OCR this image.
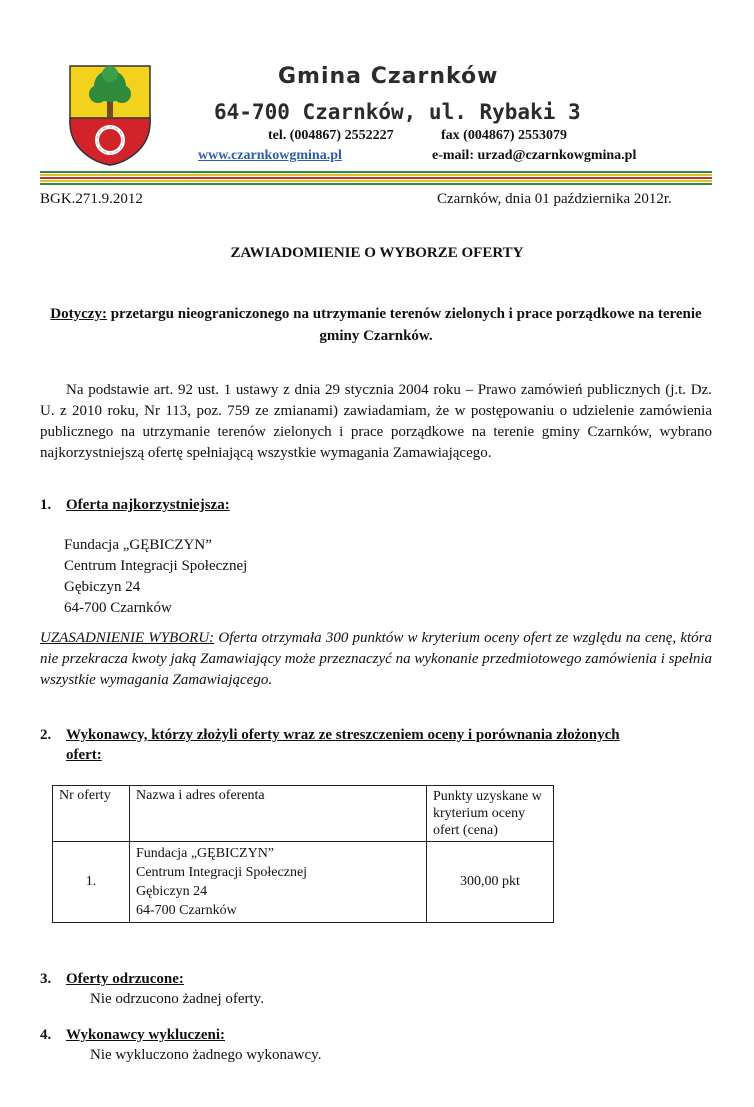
Gmina Czarnków
64-700 Czarnków, ul. Rybaki 3
tel. (004867) 2552227	fax (004867) 2553079
www.czarnkowgmina.pl	e-mail: urzad@czarnkowgmina.pl
BGK.271.9.2012	Czarnków, dnia 01 października 2012r.
ZAWIADOMIENIE O WYBORZE OFERTY
Dotyczy: przetargu nieograniczonego na utrzymanie terenów zielonych i prace porządkowe na terenie gminy Czarnków.
Na podstawie art. 92 ust. 1 ustawy z dnia 29 stycznia 2004 roku – Prawo zamówień publicznych (j.t. Dz. U. z 2010 roku, Nr 113, poz. 759 ze zmianami) zawiadamiam, że w postępowaniu o udzielenie zamówienia publicznego na utrzymanie terenów zielonych i prace porządkowe na terenie gminy Czarnków, wybrano najkorzystniejszą ofertę spełniającą wszystkie wymagania Zamawiającego.
1. Oferta najkorzystniejsza:
Fundacja „GĘBICZYN”
Centrum Integracji Społecznej
Gębiczyn 24
64-700 Czarnków
UZASADNIENIE WYBORU: Oferta otrzymała 300 punktów w kryterium oceny ofert ze względu na cenę, która nie przekracza kwoty jaką Zamawiający może przeznaczyć na wykonanie przedmiotowego zamówienia i spełnia wszystkie wymagania Zamawiającego.
2. Wykonawcy, którzy złożyli oferty wraz ze streszczeniem oceny i porównania złożonych
ofert:
Nr oferty	Nazwa i adres oferenta	Punkty uzyskane w kryterium oceny ofert (cena)
1.	Fundacja „GĘBICZYN”
Centrum Integracji Społecznej
Gębiczyn 24
64-700 Czarnków	300,00 pkt
3. Oferty odrzucone:
Nie odrzucono żadnej oferty.
4. Wykonawcy wykluczeni:
Nie wykluczono żadnego wykonawcy.
